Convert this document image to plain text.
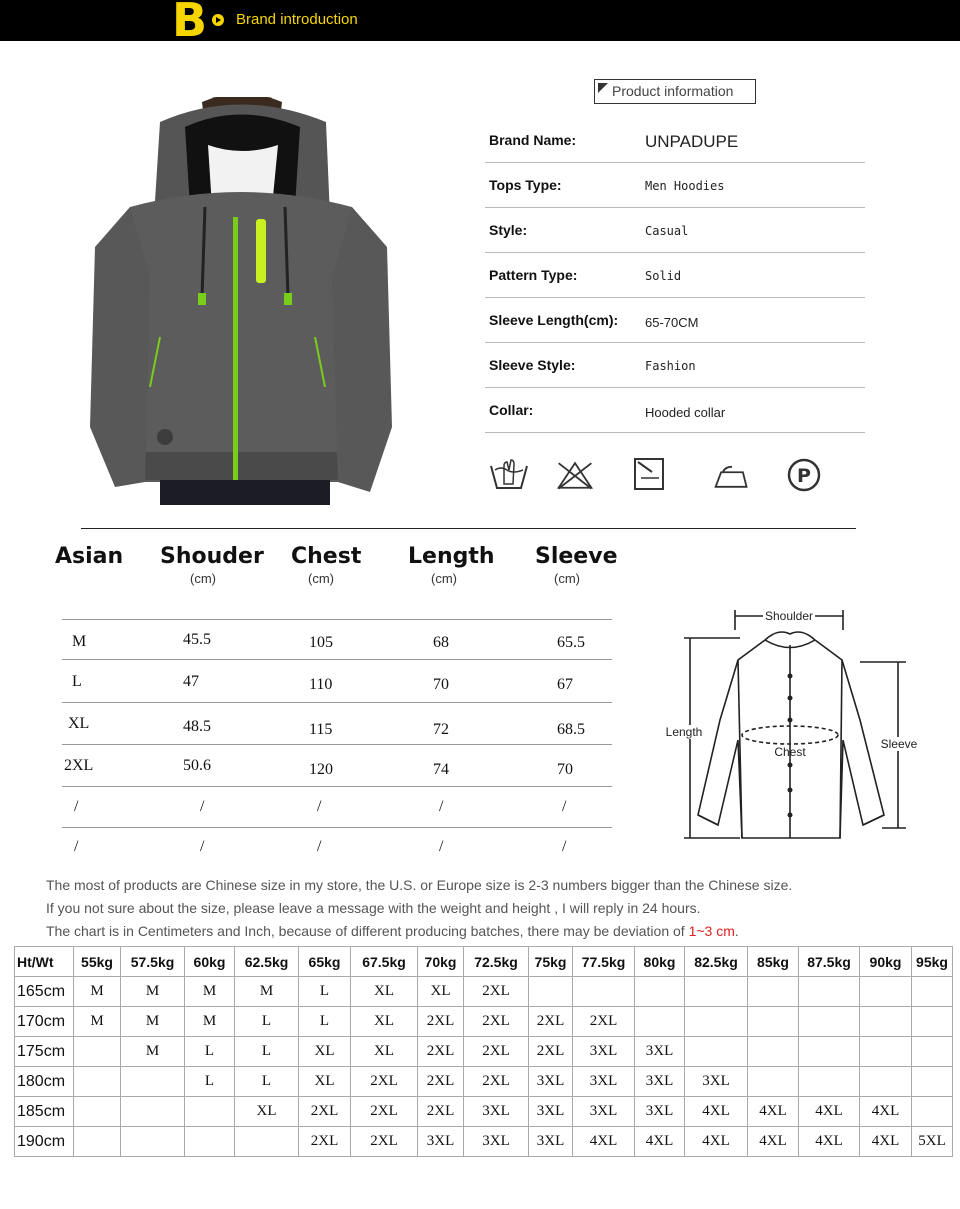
B Brand introduction
Product information
Brand Name:	UNPADUPE
Tops Type:	Men Hoodies
Style:	Casual
Pattern Type:	Solid
Sleeve Length(cm): 65-70CM
Sleeve Style:	Fashion
Collar:	Hooded collar
P
Asian Shouder Chest Length Sleeve
(cm)	(cm)	(cm)	(cm)
M	45.5	105	68	65.5
L	47	110	70	67
XL	48.5	115	72	68.5
2XL	50.6	120	74	70
/	/	/	/	/
/	/	/	/	/
Shoulder
Length
Chest
Sleeve
The most of products are Chinese size in my store, the U.S. or Europe size is 2-3 numbers bigger than the Chinese size.
If you not sure about the size, please leave a message with the weight and height , I will reply in 24 hours.
The chart is in Centimeters and Inch, because of different producing batches, there may be deviation of 1~3 cm.
Ht/Wt	55kg	57.5kg	60kg	62.5kg	65kg	67.5kg	70kg	72.5kg	75kg	77.5kg	80kg	82.5kg	85kg	87.5kg	90kg	95kg
165cm	M	M	M	M	L	XL	XL	2XL								
170cm	M	M	M	L	L	XL	2XL	2XL	2XL	2XL						
175cm		M	L	L	XL	XL	2XL	2XL	2XL	3XL	3XL					
180cm			L	L	XL	2XL	2XL	2XL	3XL	3XL	3XL	3XL				
185cm				XL	2XL	2XL	2XL	3XL	3XL	3XL	3XL	4XL	4XL	4XL	4XL	
190cm					2XL	2XL	3XL	3XL	3XL	4XL	4XL	4XL	4XL	4XL	4XL	5XL
